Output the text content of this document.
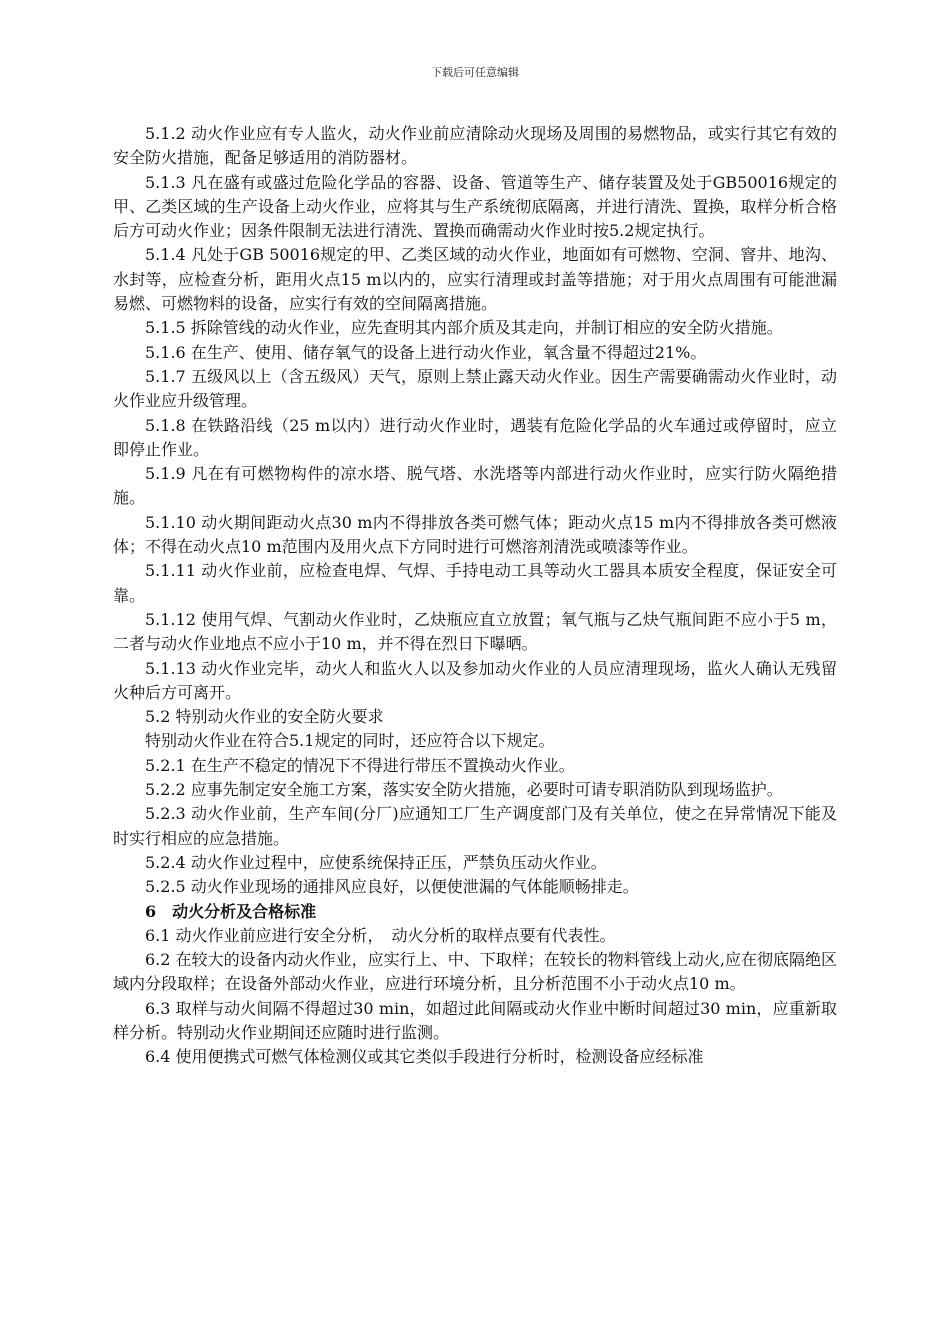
下载后可任意编辑

5.1.2 动火作业应有专人监火，动火作业前应清除动火现场及周围的易燃物品，或实行其它有效的安全防火措施，配备足够适用的消防器材。

5.1.3 凡在盛有或盛过危险化学品的容器、设备、管道等生产、储存装置及处于GB50016规定的甲、乙类区域的生产设备上动火作业，应将其与生产系统彻底隔离，并进行清洗、置换，取样分析合格后方可动火作业；因条件限制无法进行清洗、置换而确需动火作业时按5.2规定执行。

5.1.4 凡处于GB 50016规定的甲、乙类区域的动火作业，地面如有可燃物、空洞、窨井、地沟、水封等，应检查分析，距用火点15 m以内的，应实行清理或封盖等措施；对于用火点周围有可能泄漏易燃、可燃物料的设备，应实行有效的空间隔离措施。

5.1.5 拆除管线的动火作业，应先查明其内部介质及其走向，并制订相应的安全防火措施。

5.1.6 在生产、使用、储存氧气的设备上进行动火作业，氧含量不得超过21%。

5.1.7 五级风以上（含五级风）天气，原则上禁止露天动火作业。因生产需要确需动火作业时，动火作业应升级管理。

5.1.8 在铁路沿线（25 m以内）进行动火作业时，遇装有危险化学品的火车通过或停留时，应立即停止作业。

5.1.9 凡在有可燃物构件的凉水塔、脱气塔、水洗塔等内部进行动火作业时，应实行防火隔绝措施。

5.1.10 动火期间距动火点30 m内不得排放各类可燃气体；距动火点15 m内不得排放各类可燃液体；不得在动火点10 m范围内及用火点下方同时进行可燃溶剂清洗或喷漆等作业。

5.1.11 动火作业前，应检查电焊、气焊、手持电动工具等动火工器具本质安全程度，保证安全可靠。

5.1.12 使用气焊、气割动火作业时，乙炔瓶应直立放置；氧气瓶与乙炔气瓶间距不应小于5 m，二者与动火作业地点不应小于10 m，并不得在烈日下曝晒。

5.1.13 动火作业完毕，动火人和监火人以及参加动火作业的人员应清理现场，监火人确认无残留火种后方可离开。

5.2 特别动火作业的安全防火要求

特别动火作业在符合5.1规定的同时，还应符合以下规定。

5.2.1 在生产不稳定的情况下不得进行带压不置换动火作业。

5.2.2 应事先制定安全施工方案，落实安全防火措施，必要时可请专职消防队到现场监护。

5.2.3 动火作业前，生产车间(分厂)应通知工厂生产调度部门及有关单位，使之在异常情况下能及时实行相应的应急措施。

5.2.4 动火作业过程中，应使系统保持正压，严禁负压动火作业。

5.2.5 动火作业现场的通排风应良好，以便使泄漏的气体能顺畅排走。

6　动火分析及合格标准

6.1 动火作业前应进行安全分析，　动火分析的取样点要有代表性。

6.2 在较大的设备内动火作业，应实行上、中、下取样；在较长的物料管线上动火,应在彻底隔绝区域内分段取样；在设备外部动火作业，应进行环境分析，且分析范围不小于动火点10 m。

6.3 取样与动火间隔不得超过30 min，如超过此间隔或动火作业中断时间超过30 min，应重新取样分析。特别动火作业期间还应随时进行监测。

6.4 使用便携式可燃气体检测仪或其它类似手段进行分析时，检测设备应经标准
